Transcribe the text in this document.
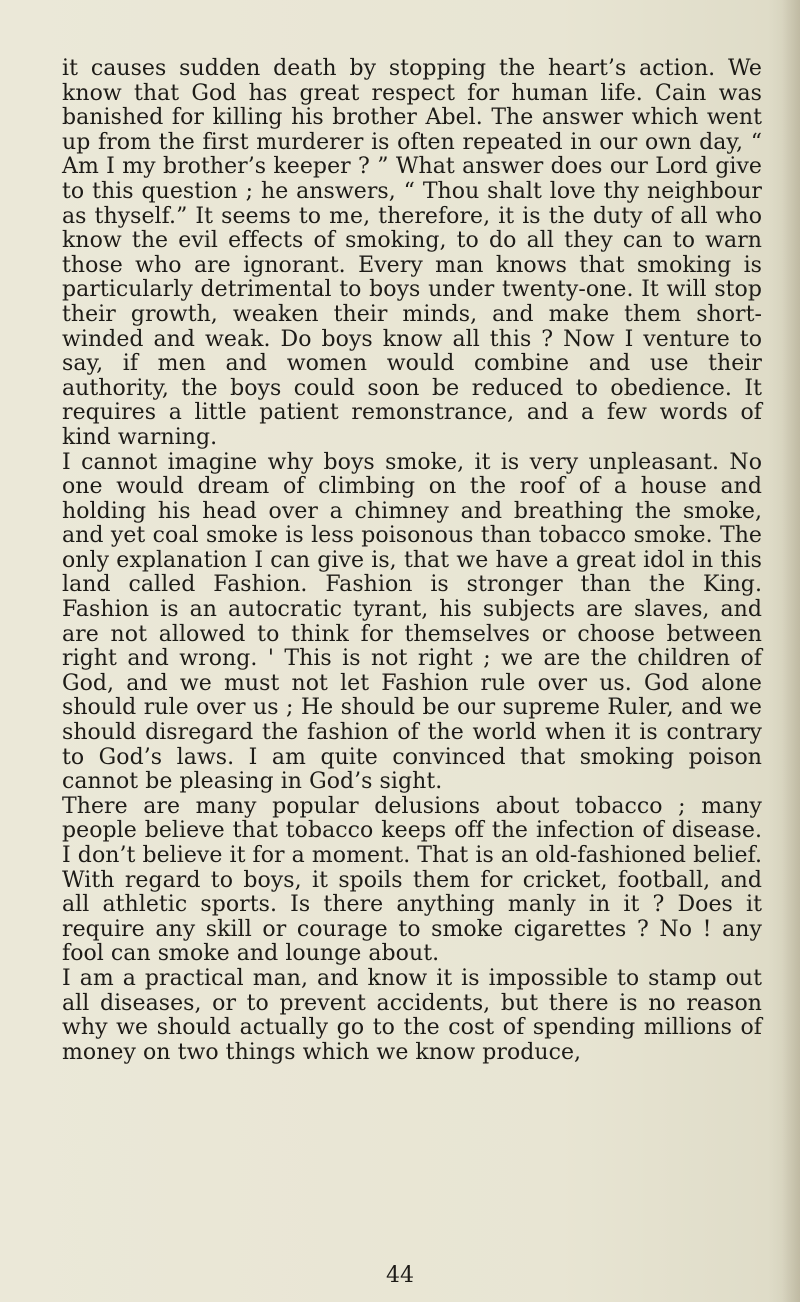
it causes sudden death by stopping the heart’s action. We know that God has great respect for human life. Cain was banished for killing his brother Abel. The answer which went up from the first murderer is often repeated in our own day, “ Am I my brother’s keeper ? ” What answer does our Lord give to this question ; he answers, “ Thou shalt love thy neighbour as thyself.” It seems to me, therefore, it is the duty of all who know the evil effects of smoking, to do all they can to warn those who are ignorant. Every man knows that smoking is particularly detrimental to boys under twenty-one. It will stop their growth, weaken their minds, and make them short-winded and weak. Do boys know all this ? Now I venture to say, if men and women would combine and use their authority, the boys could soon be reduced to obedience. It requires a little patient remonstrance, and a few words of kind warning.

I cannot imagine why boys smoke, it is very unpleasant. No one would dream of climbing on the roof of a house and holding his head over a chimney and breathing the smoke, and yet coal smoke is less poisonous than tobacco smoke. The only explanation I can give is, that we have a great idol in this land called Fashion. Fashion is stronger than the King. Fashion is an autocratic tyrant, his subjects are slaves, and are not allowed to think for themselves or choose between right and wrong. ' This is not right ; we are the children of God, and we must not let Fashion rule over us. God alone should rule over us ; He should be our supreme Ruler, and we should disregard the fashion of the world when it is contrary to God’s laws. I am quite convinced that smoking poison cannot be pleasing in God’s sight.

There are many popular delusions about tobacco ; many people believe that tobacco keeps off the infection of disease. I don’t believe it for a moment. That is an old-fashioned belief. With regard to boys, it spoils them for cricket, football, and all athletic sports. Is there anything manly in it ? Does it require any skill or courage to smoke cigarettes ? No ! any fool can smoke and lounge about.

I am a practical man, and know it is impossible to stamp out all diseases, or to prevent accidents, but there is no reason why we should actually go to the cost of spending millions of money on two things which we know produce,

44
